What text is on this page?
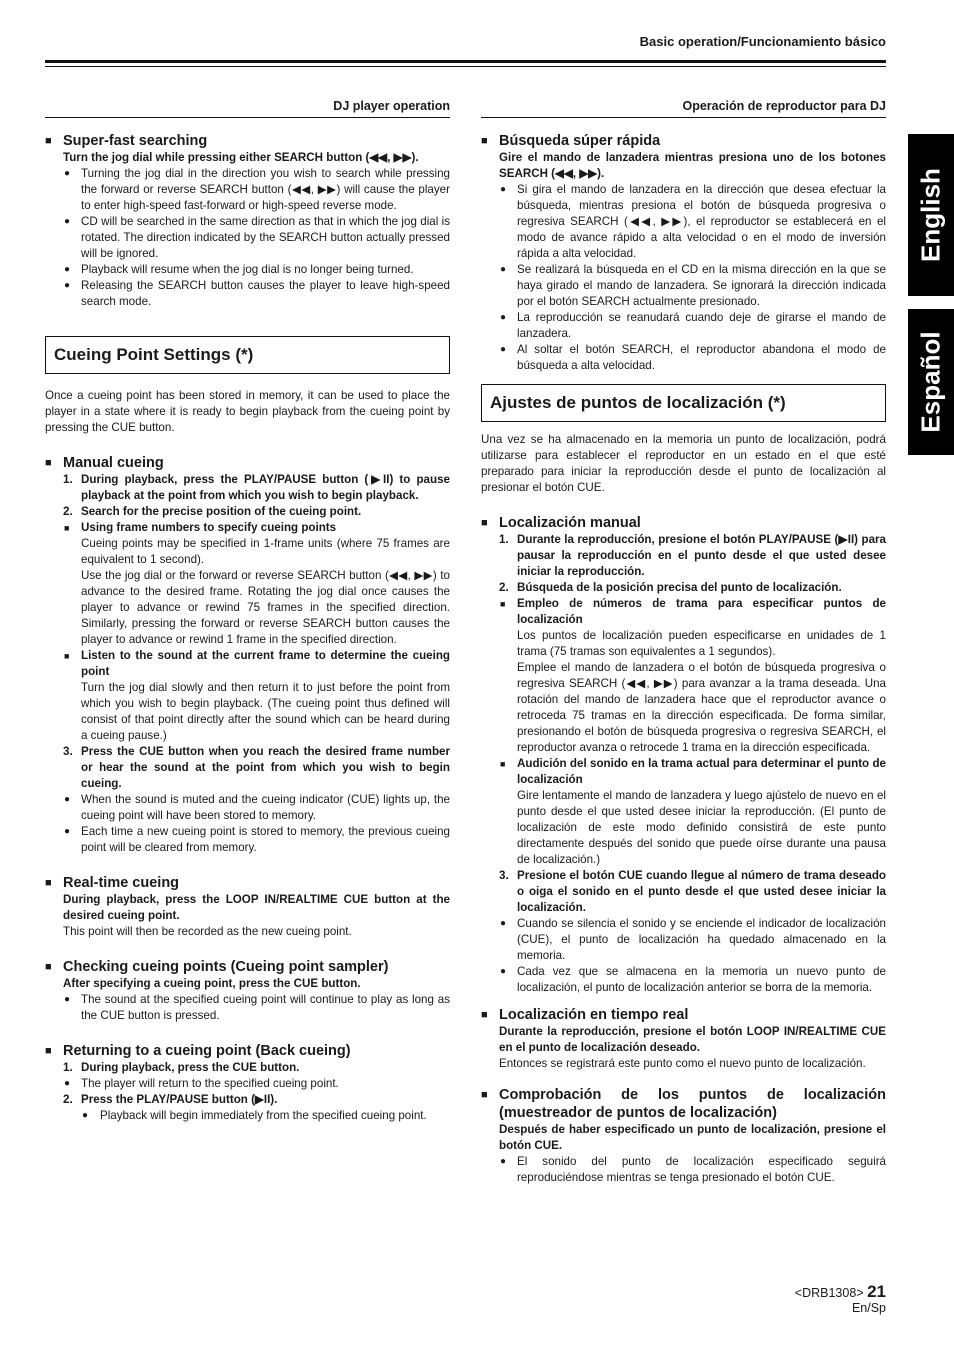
Basic operation/Funcionamiento básico
English
Español
DJ player operation

■ Super-fast searching

Turn the jog dial while pressing either SEARCH button (◀◀, ▶▶).
● Turning the jog dial in the direction you wish to search while pressing the forward or reverse SEARCH button (◀◀, ▶▶) will cause the player to enter high-speed fast-forward or high-speed reverse mode.
● CD will be searched in the same direction as that in which the jog dial is rotated. The direction indicated by the SEARCH button actually pressed will be ignored.
● Playback will resume when the jog dial is no longer being turned.
● Releasing the SEARCH button causes the player to leave high-speed search mode.
Cueing Point Settings (*)

Once a cueing point has been stored in memory, it can be used to place the player in a state where it is ready to begin playback from the cueing point by pressing the CUE button.

■ Manual cueing

1. During playback, press the PLAY/PAUSE button (▶II) to pause playback at the point from which you wish to begin playback.
2. Search for the precise position of the cueing point.
■ Using frame numbers to specify cueing points
Cueing points may be specified in 1-frame units (where 75 frames are equivalent to 1 second).
Use the jog dial or the forward or reverse SEARCH button (◀◀, ▶▶) to advance to the desired frame. Rotating the jog dial once causes the player to advance or rewind 75 frames in the specified direction. Similarly, pressing the forward or reverse SEARCH button causes the player to advance or rewind 1 frame in the specified direction.
■ Listen to the sound at the current frame to determine the cueing point
Turn the jog dial slowly and then return it to just before the point from which you wish to begin playback. (The cueing point thus defined will consist of that point directly after the sound which can be heard during a cueing pause.)
3. Press the CUE button when you reach the desired frame number or hear the sound at the point from which you wish to begin cueing.
● When the sound is muted and the cueing indicator (CUE) lights up, the cueing point will have been stored to memory.
● Each time a new cueing point is stored to memory, the previous cueing point will be cleared from memory.

■ Real-time cueing

During playback, press the LOOP IN/REALTIME CUE button at the desired cueing point.
This point will then be recorded as the new cueing point.

■ Checking cueing points (Cueing point sampler)

After specifying a cueing point, press the CUE button.
● The sound at the specified cueing point will continue to play as long as the CUE button is pressed.

■ Returning to a cueing point (Back cueing)

1. During playback, press the CUE button.
● The player will return to the specified cueing point.
2. Press the PLAY/PAUSE button (▶II).
● Playback will begin immediately from the specified cueing point.
Operación de reproductor para DJ

■ Búsqueda súper rápida

Gire el mando de lanzadera mientras presiona uno de los botones SEARCH (◀◀, ▶▶).
● Si gira el mando de lanzadera en la dirección que desea efectuar la búsqueda, mientras presiona el botón de búsqueda progresiva o regresiva SEARCH (◀◀, ▶▶), el reproductor se establecerá en el modo de avance rápido a alta velocidad o en el modo de inversión rápida a alta velocidad.
● Se realizará la búsqueda en el CD en la misma dirección en la que se haya girado el mando de lanzadera. Se ignorará la dirección indicada por el botón SEARCH actualmente presionado.
● La reproducción se reanudará cuando deje de girarse el mando de lanzadera.
● Al soltar el botón SEARCH, el reproductor abandona el modo de búsqueda a alta velocidad.
Ajustes de puntos de localización (*)

Una vez se ha almacenado en la memoria un punto de localización, podrá utilizarse para establecer el reproductor en un estado en el que esté preparado para iniciar la reproducción desde el punto de localización al presionar el botón CUE.

■ Localización manual

1. Durante la reproducción, presione el botón PLAY/PAUSE (▶II) para pausar la reproducción en el punto desde el que usted desee iniciar la reproducción.
2. Búsqueda de la posición precisa del punto de localización.
■ Empleo de números de trama para especificar puntos de localización
Los puntos de localización pueden especificarse en unidades de 1 trama (75 tramas son equivalentes a 1 segundos).
Emplee el mando de lanzadera o el botón de búsqueda progresiva o regresiva SEARCH (◀◀, ▶▶) para avanzar a la trama deseada. Una rotación del mando de lanzadera hace que el reproductor avance o retroceda 75 tramas en la dirección especificada. De forma similar, presionando el botón de búsqueda progresiva o regresiva SEARCH, el reproductor avanza o retrocede 1 trama en la dirección especificada.
■ Audición del sonido en la trama actual para determinar el punto de localización
Gire lentamente el mando de lanzadera y luego ajústelo de nuevo en el punto desde el que usted desee iniciar la reproducción. (El punto de localización de este modo definido consistirá de este punto directamente después del sonido que puede oírse durante una pausa de localización.)
3. Presione el botón CUE cuando llegue al número de trama deseado o oiga el sonido en el punto desde el que usted desee iniciar la localización.
● Cuando se silencia el sonido y se enciende el indicador de localización (CUE), el punto de localización ha quedado almacenado en la memoria.
● Cada vez que se almacena en la memoria un nuevo punto de localización, el punto de localización anterior se borra de la memoria.

■ Localización en tiempo real

Durante la reproducción, presione el botón LOOP IN/REALTIME CUE en el punto de localización deseado.
Entonces se registrará este punto como el nuevo punto de localización.

■ Comprobación de los puntos de localización (muestreador de puntos de localización)

Después de haber especificado un punto de localización, presione el botón CUE.
● El sonido del punto de localización especificado seguirá reproduciéndose mientras se tenga presionado el botón CUE.
<DRB1308> 21
En/Sp
